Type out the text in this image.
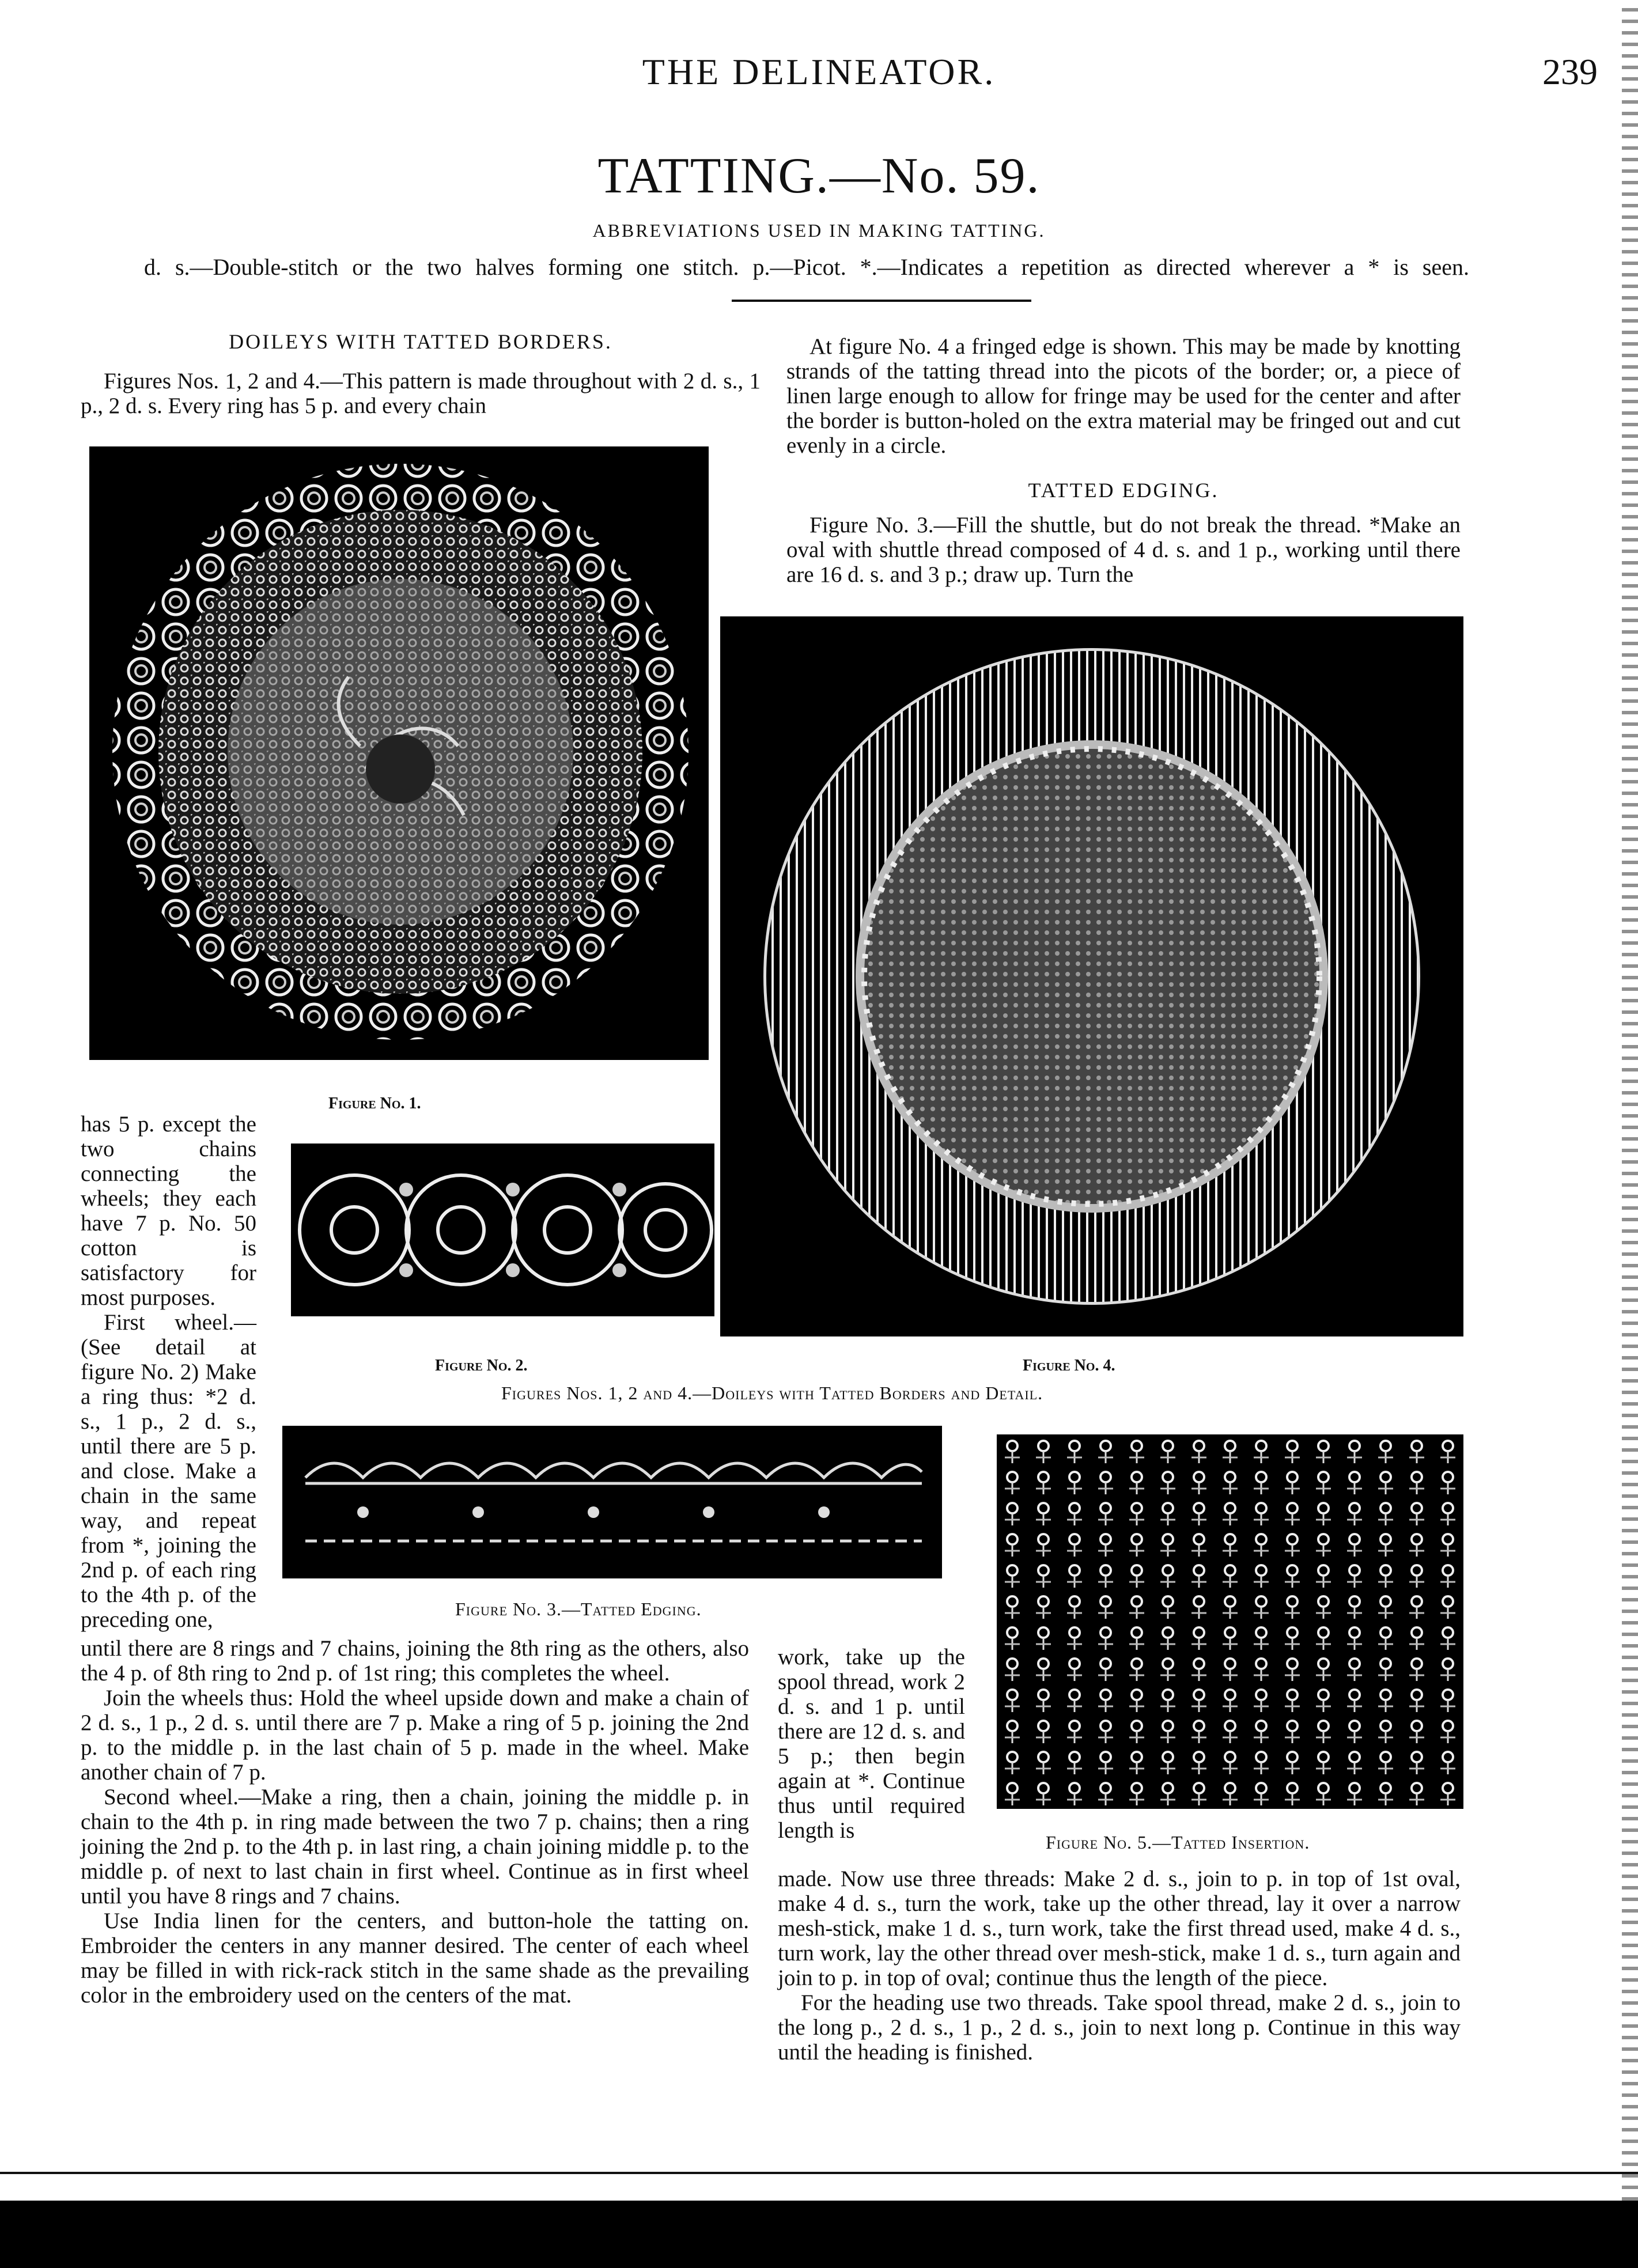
THE DELINEATOR.	239
TATTING.—No. 59.
ABBREVIATIONS USED IN MAKING TATTING.
d. s.—Double-stitch or the two halves forming one stitch. p.—Picot. *.—Indicates a repetition as directed wherever a * is seen.
DOILEYS WITH TATTED BORDERS.

Figures Nos. 1, 2 and 4.—This pattern is made throughout with 2 d. s., 1 p., 2 d. s. Every ring has 5 p. and every chain

Figure No. 1.

has 5 p. except the two chains connecting the wheels; they each have 7 p. No. 50 cotton is satisfactory for most purposes.

First wheel.—(See detail at figure No. 2) Make a ring thus: *2 d. s., 1 p., 2 d. s., until there are 5 p. and close. Make a chain in the same way, and repeat from *, joining the 2nd p. of each ring to the 4th p. of the preceding one,

Figure No. 2.

At figure No. 4 a fringed edge is shown. This may be made by knotting strands of the tatting thread into the picots of the border; or, a piece of linen large enough to allow for fringe may be used for the center and after the border is button-holed on the extra material may be fringed out and cut evenly in a circle.

TATTED EDGING.

Figure No. 3.—Fill the shuttle, but do not break the thread. *Make an oval with shuttle thread composed of 4 d. s. and 1 p., working until there are 16 d. s. and 3 p.; draw up. Turn the

Figure No. 4.
Figures Nos. 1, 2 and 4.—Doileys with Tatted Borders and Detail.
Figure No. 3.—Tatted Edging.

until there are 8 rings and 7 chains, joining the 8th ring as the others, also the 4 p. of 8th ring to 2nd p. of 1st ring; this completes the wheel.

Join the wheels thus: Hold the wheel upside down and make a chain of 2 d. s., 1 p., 2 d. s. until there are 7 p. Make a ring of 5 p. joining the 2nd p. to the middle p. in the last chain of 5 p. made in the wheel. Make another chain of 7 p.

Second wheel.—Make a ring, then a chain, joining the middle p. in chain to the 4th p. in ring made between the two 7 p. chains; then a ring joining the 2nd p. to the 4th p. in last ring, a chain joining middle p. to the middle p. of next to last chain in first wheel. Continue as in first wheel until you have 8 rings and 7 chains.

Use India linen for the centers, and button-hole the tatting on. Embroider the centers in any manner desired. The center of each wheel may be filled in with rick-rack stitch in the same shade as the prevailing color in the embroidery used on the centers of the mat.

Figure No. 5.—Tatted Insertion.

work, take up the spool thread, work 2 d. s. and 1 p. until there are 12 d. s. and 5 p.; then begin again at *. Continue thus until required length is

made. Now use three threads: Make 2 d. s., join to p. in top of 1st oval, make 4 d. s., turn the work, take up the other thread, lay it over a narrow mesh-stick, make 1 d. s., turn work, take the first thread used, make 4 d. s., turn work, lay the other thread over mesh-stick, make 1 d. s., turn again and join to p. in top of oval; continue thus the length of the piece.

For the heading use two threads. Take spool thread, make 2 d. s., join to the long p., 2 d. s., 1 p., 2 d. s., join to next long p. Continue in this way until the heading is finished.
